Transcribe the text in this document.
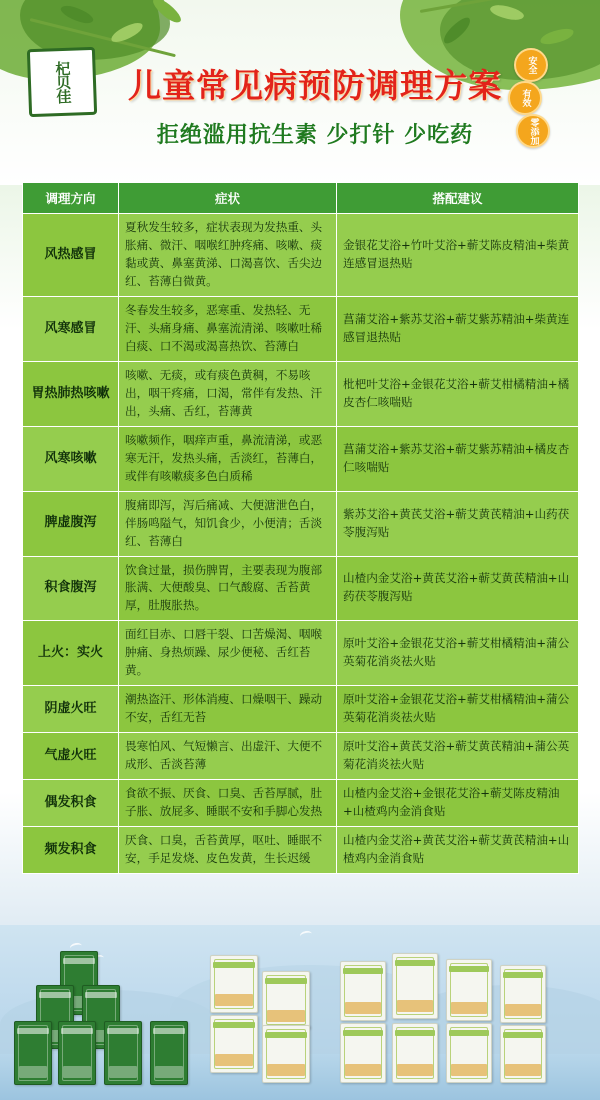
杞贝佳	儿童常见病预防调理方案
拒绝滥用抗生素 少打针 少吃药
安全
有效
零添加
调理方向	症状	搭配建议
风热感冒	夏秋发生较多，症状表现为发热重、头胀痛、微汗、咽喉红肿疼痛、咳嗽、痰黏或黄、鼻塞黄涕、口渴喜饮、舌尖边红、苔薄白微黄。	金银花艾浴+竹叶艾浴+蕲艾陈皮精油+柴黄连感冒退热贴
风寒感冒	冬春发生较多，恶寒重、发热轻、无汗、头痛身痛、鼻塞流清涕、咳嗽吐稀白痰、口不渴或渴喜热饮、苔薄白	菖蒲艾浴+紫苏艾浴+蕲艾紫苏精油+柴黄连感冒退热贴
胃热肺热咳嗽	咳嗽、无痰，或有痰色黄稠，不易咳出，咽干疼痛，口渴，常伴有发热、汗出，头痛、舌红，苔薄黄	枇杷叶艾浴+金银花艾浴+蕲艾柑橘精油+橘皮杏仁咳喘贴
风寒咳嗽	咳嗽频作，咽痒声重，鼻流清涕，或恶寒无汗，发热头痛，舌淡红，苔薄白，或伴有咳嗽痰多色白质稀	菖蒲艾浴+紫苏艾浴+蕲艾紫苏精油+橘皮杏仁咳喘贴
脾虚腹泻	腹痛即泻，泻后痛减、大便溏泄色白，伴肠鸣隘气，知饥食少，小便清；舌淡红、苔薄白	紫苏艾浴+黄芪艾浴+蕲艾黄芪精油+山药茯苓腹泻贴
积食腹泻	饮食过量，损伤脾胃，主要表现为腹部胀满、大便酸臭、口气酸腐、舌苔黄厚，肚腹胀热。	山楂内金艾浴+黄芪艾浴+蕲艾黄芪精油+山药茯苓腹泻贴
上火：实火	面红目赤、口唇干裂、口苦燥渴、咽喉肿痛、身热烦躁、尿少便秘、舌红苔黄。	原叶艾浴+金银花艾浴+蕲艾柑橘精油+蒲公英菊花消炎祛火贴
阴虚火旺	潮热盗汗、形体消瘦、口燥咽干、躁动不安，舌红无苔	原叶艾浴+金银花艾浴+蕲艾柑橘精油+蒲公英菊花消炎祛火贴
气虚火旺	畏寒怕风、气短懒言、出虚汗、大便不成形、舌淡苔薄	原叶艾浴+黄芪艾浴+蕲艾黄芪精油+蒲公英菊花消炎祛火贴
偶发积食	食欲不振、厌食、口臭、舌苔厚腻，肚子胀、放屁多、睡眠不安和手脚心发热	山楂内金艾浴+金银花艾浴+蕲艾陈皮精油+山楂鸡内金消食贴
频发积食	厌食、口臭，舌苔黄厚，呕吐、睡眠不安，手足发烧、皮色发黄，生长迟缓	山楂内金艾浴+黄芪艾浴+蕲艾黄芪精油+山楂鸡内金消食贴
